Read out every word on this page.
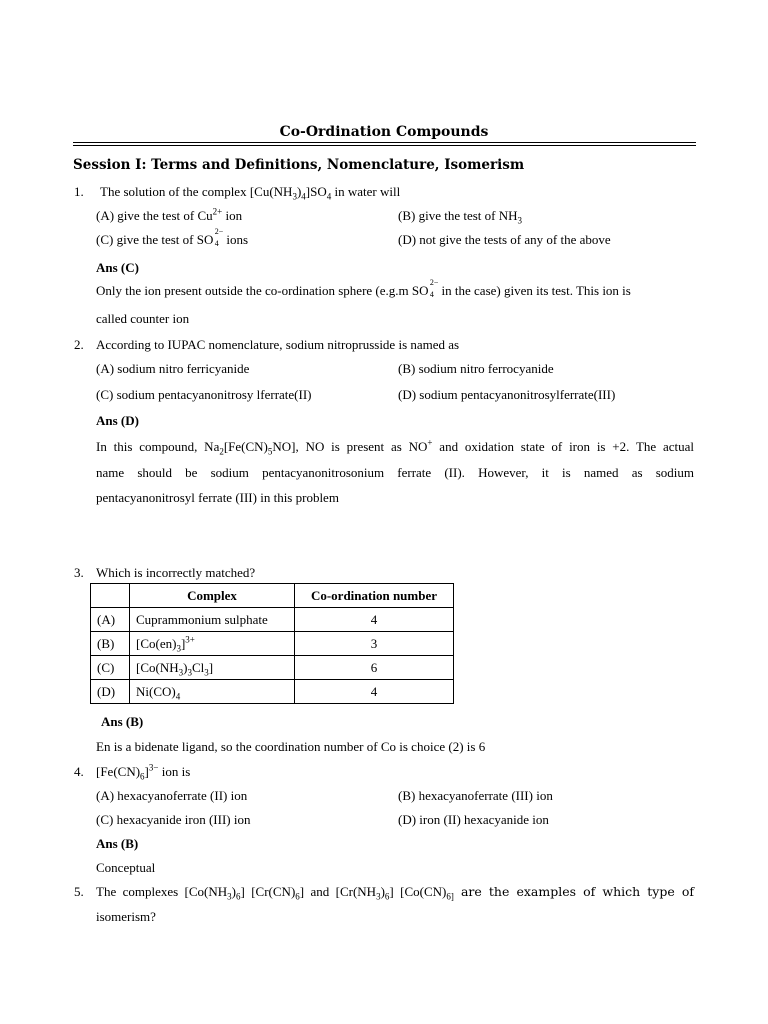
Co-Ordination Compounds
Session I: Terms and Definitions, Nomenclature, Isomerism
1. The solution of the complex $[Cu(NH_3)_4]SO_4$ in water will
(A) give the test of $Cu^{2+}$ ion	(B) give the test of $NH_3$
(C) give the test of SO
2−
4 ions	(D) not give the tests of any of the above
Ans (C)
Only the ion present outside the co-ordination sphere (e.g.m SO
2−
4 in the case) given its test. This ion is
called counter ion
2. According to IUPAC nomenclature, sodium nitroprusside is named as
(A) sodium nitro ferricyanide	(B) sodium nitro ferrocyanide
(C) sodium pentacyanonitrosy lferrate(II)	(D) sodium pentacyanonitrosylferrate(III)
Ans (D)
In this compound, $Na_2[Fe(CN)_5NO]$, NO is present as NO+ and oxidation state of iron is +2. The actual
name should be sodium pentacyanonitrosonium ferrate (II). However, it is named as sodium
pentacyanonitrosyl ferrate (III) in this problem
3. Which is incorrectly matched?
	Complex	Co-ordination number
(A)	Cuprammonium sulphate	4
(B)	$[Co(en)_3]^{3+}$	3
(C)	$[Co(NH_3)_3Cl_3]$	6
(D)	$Ni(CO)_4$	4
Ans (B)
En is a bidenate ligand, so the coordination number of Co is choice (2) is 6
4. $[Fe(CN)_6]^{3-}$ ion is
(A) hexacyanoferrate (II) ion	(B) hexacyanoferrate (III) ion
(C) hexacyanide iron (III) ion	(D) iron (II) hexacyanide ion
Ans (B)
Conceptual
5. The complexes $[Co(NH_3)_6]$ $[Cr(CN)_6]$ and $[Cr(NH_3)_6]$ [$Co(CN)_{6]}$ are the examples of which type of
isomerism?
